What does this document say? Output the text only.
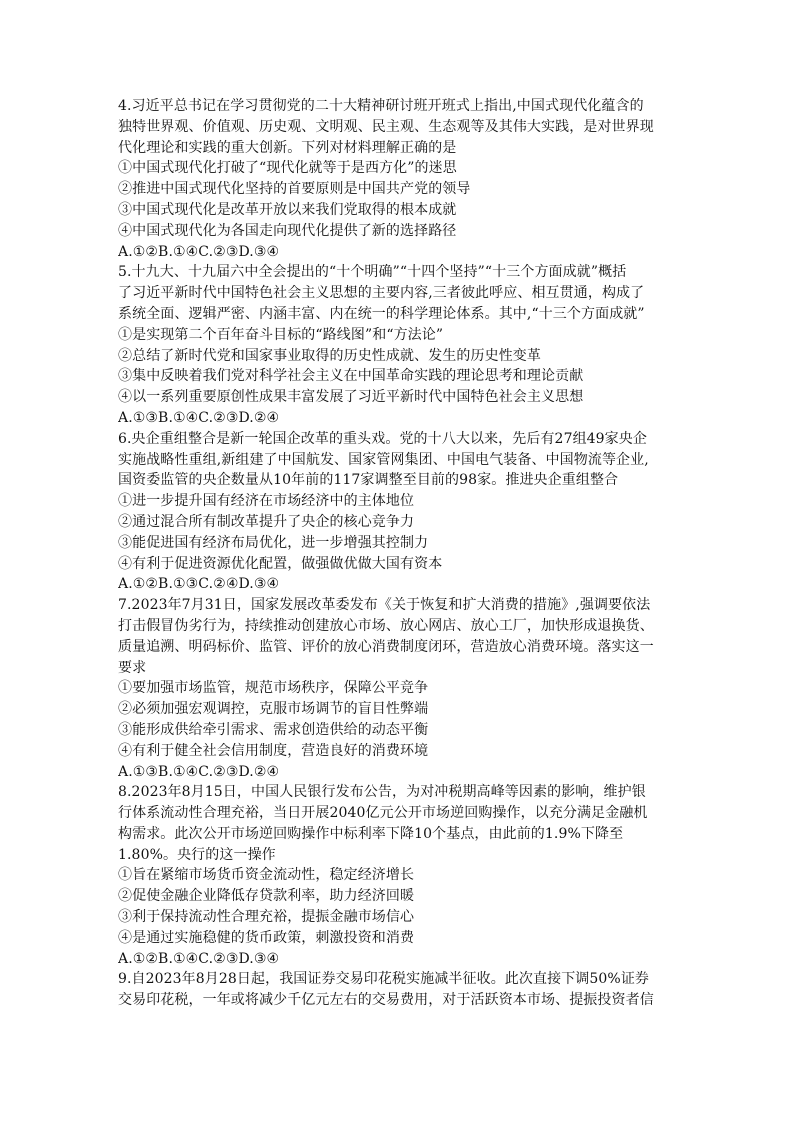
4.习近平总书记在学习贯彻党的二十大精神研讨班开班式上指出,中国式现代化蕴含的
独特世界观、价值观、历史观、文明观、民主观、生态观等及其伟大实践，是对世界现
代化理论和实践的重大创新。下列对材料理解正确的是
①中国式现代化打破了“现代化就等于是西方化”的迷思
②推进中国式现代化坚持的首要原则是中国共产党的领导
③中国式现代化是改革开放以来我们党取得的根本成就
④中国式现代化为各国走向现代化提供了新的选择路径
A.①②B.①④C.②③D.③④
5.十九大、十九届六中全会提出的“十个明确”“十四个坚持”“十三个方面成就”概括
了习近平新时代中国特色社会主义思想的主要内容,三者彼此呼应、相互贯通，构成了
系统全面、逻辑严密、内涵丰富、内在统一的科学理论体系。其中,“十三个方面成就”
①是实现第二个百年奋斗目标的“路线图”和“方法论”
②总结了新时代党和国家事业取得的历史性成就、发生的历史性变革
③集中反映着我们党对科学社会主义在中国革命实践的理论思考和理论贡献
④以一系列重要原创性成果丰富发展了习近平新时代中国特色社会主义思想
A.①③B.①④C.②③D.②④
6.央企重组整合是新一轮国企改革的重头戏。党的十八大以来，先后有27组49家央企
实施战略性重组,新组建了中国航发、国家管网集团、中国电气装备、中国物流等企业,
国资委监管的央企数量从10年前的117家调整至目前的98家。推进央企重组整合
①进一步提升国有经济在市场经济中的主体地位
②通过混合所有制改革提升了央企的核心竞争力
③能促进国有经济布局优化，进一步增强其控制力
④有利于促进资源优化配置，做强做优做大国有资本
A.①②B.①③C.②④D.③④
7.2023年7月31日，国家发展改革委发布《关于恢复和扩大消费的措施》,强调要依法
打击假冒伪劣行为，持续推动创建放心市场、放心网店、放心工厂，加快形成退换货、
质量追溯、明码标价、监管、评价的放心消费制度闭环，营造放心消费环境。落实这一
要求
①要加强市场监管，规范市场秩序，保障公平竞争
②必须加强宏观调控，克服市场调节的盲目性弊端
③能形成供给牵引需求、需求创造供给的动态平衡
④有利于健全社会信用制度，营造良好的消费环境
A.①③B.①④C.②③D.②④
8.2023年8月15日，中国人民银行发布公告，为对冲税期高峰等因素的影响，维护银
行体系流动性合理充裕，当日开展2040亿元公开市场逆回购操作，以充分满足金融机
构需求。此次公开市场逆回购操作中标利率下降10个基点，由此前的1.9%下降至
1.80%。央行的这一操作
①旨在紧缩市场货币资金流动性，稳定经济增长
②促使金融企业降低存贷款利率，助力经济回暖
③利于保持流动性合理充裕，提振金融市场信心
④是通过实施稳健的货币政策，刺激投资和消费
A.①②B.①④C.②③D.③④
9.自2023年8月28日起，我国证券交易印花税实施减半征收。此次直接下调50%证券
交易印花税，一年或将减少千亿元左右的交易费用，对于活跃资本市场、提振投资者信
